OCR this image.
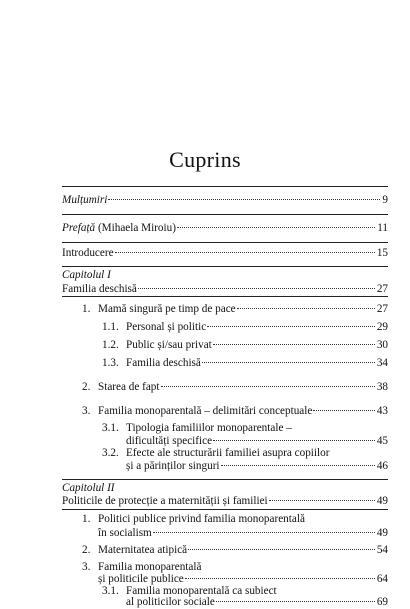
Cuprins
Mulțumiri	9
Prefață (Mihaela Miroiu)	11
Introducere	15
Capitolul I
Familia deschisă	27
1. Mamă singură pe timp de pace	27
1.1. Personal și politic	29
1.2. Public și/sau privat	30
1.3. Familia deschisă	34
2. Starea de fapt	38
3. Familia monoparentală – delimitări conceptuale	43
3.1. Tipologia familiilor monoparentale –
dificultăți specifice	45
3.2. Efecte ale structurării familiei asupra copiilor
și a părinților singuri	46
Capitolul II
Politicile de protecție a maternității și familiei	49
1. Politici publice privind familia monoparentală
în socialism	49
2. Maternitatea atipică	54
3. Familia monoparentală
și politicile publice	64
3.1. Familia monoparentală ca subiect
al politicilor sociale	69
